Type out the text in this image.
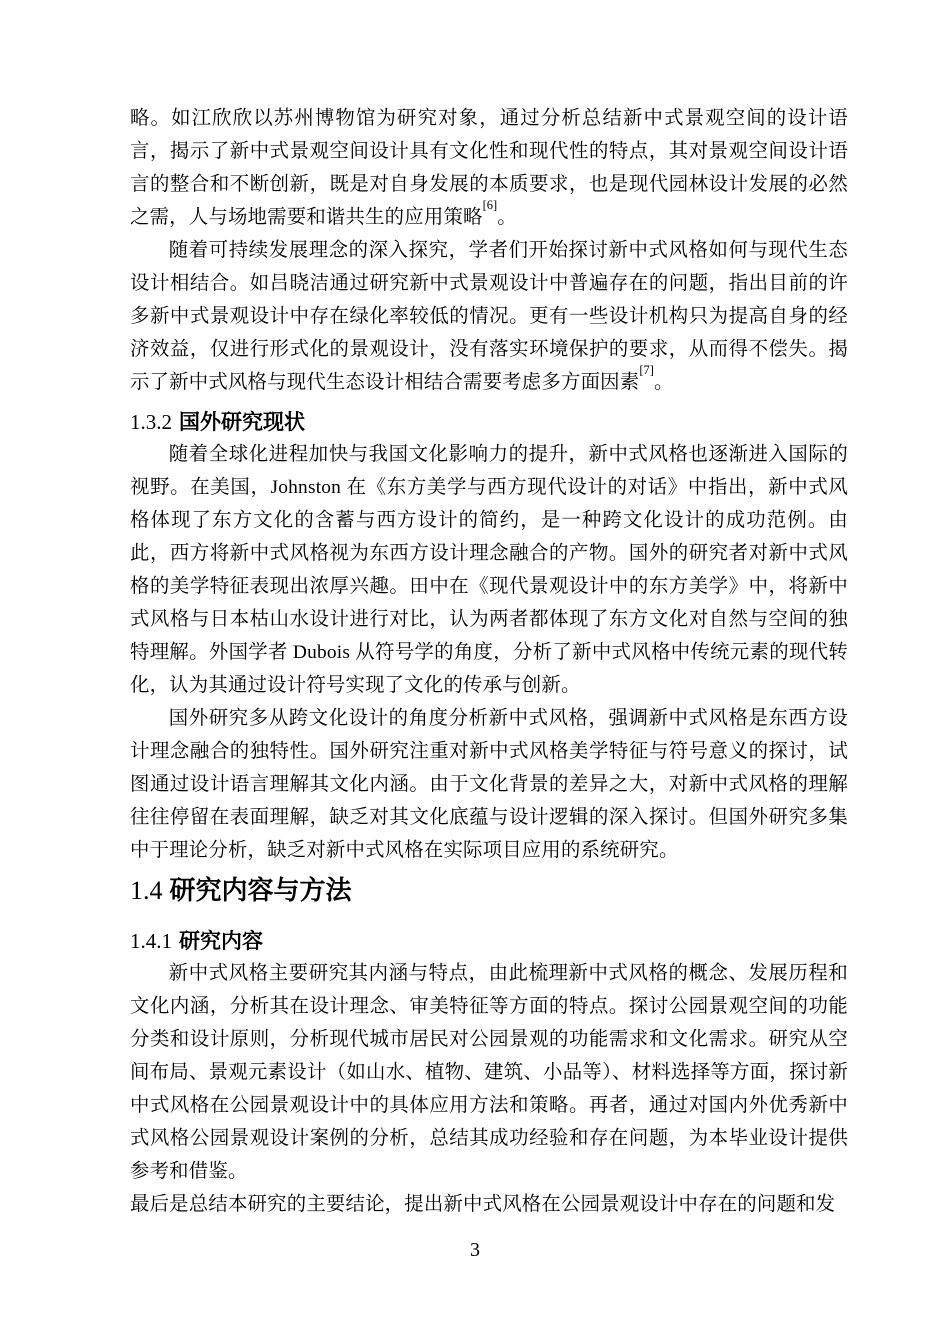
略。如江欣欣以苏州博物馆为研究对象，通过分析总结新中式景观空间的设计语言，揭示了新中式景观空间设计具有文化性和现代性的特点，其对景观空间设计语言的整合和不断创新，既是对自身发展的本质要求，也是现代园林设计发展的必然之需，人与场地需要和谐共生的应用策略[6]。

随着可持续发展理念的深入探究，学者们开始探讨新中式风格如何与现代生态设计相结合。如吕晓洁通过研究新中式景观设计中普遍存在的问题，指出目前的许多新中式景观设计中存在绿化率较低的情况。更有一些设计机构只为提高自身的经济效益，仅进行形式化的景观设计，没有落实环境保护的要求，从而得不偿失。揭示了新中式风格与现代生态设计相结合需要考虑多方面因素[7]。

1.3.2 国外研究现状

随着全球化进程加快与我国文化影响力的提升，新中式风格也逐渐进入国际的视野。在美国，Johnston 在《东方美学与西方现代设计的对话》中指出，新中式风格体现了东方文化的含蓄与西方设计的简约，是一种跨文化设计的成功范例。由此，西方将新中式风格视为东西方设计理念融合的产物。国外的研究者对新中式风格的美学特征表现出浓厚兴趣。田中在《现代景观设计中的东方美学》中，将新中式风格与日本枯山水设计进行对比，认为两者都体现了东方文化对自然与空间的独特理解。外国学者 Dubois 从符号学的角度，分析了新中式风格中传统元素的现代转化，认为其通过设计符号实现了文化的传承与创新。

国外研究多从跨文化设计的角度分析新中式风格，强调新中式风格是东西方设计理念融合的独特性。国外研究注重对新中式风格美学特征与符号意义的探讨，试图通过设计语言理解其文化内涵。由于文化背景的差异之大，对新中式风格的理解往往停留在表面理解，缺乏对其文化底蕴与设计逻辑的深入探讨。但国外研究多集中于理论分析，缺乏对新中式风格在实际项目应用的系统研究。

1.4 研究内容与方法
1.4.1 研究内容

新中式风格主要研究其内涵与特点，由此梳理新中式风格的概念、发展历程和文化内涵，分析其在设计理念、审美特征等方面的特点。探讨公园景观空间的功能分类和设计原则，分析现代城市居民对公园景观的功能需求和文化需求。研究从空间布局、景观元素设计（如山水、植物、建筑、小品等）、材料选择等方面，探讨新中式风格在公园景观设计中的具体应用方法和策略。再者，通过对国内外优秀新中式风格公园景观设计案例的分析，总结其成功经验和存在问题，为本毕业设计提供参考和借鉴。

最后是总结本研究的主要结论，提出新中式风格在公园景观设计中存在的问题和发

3
